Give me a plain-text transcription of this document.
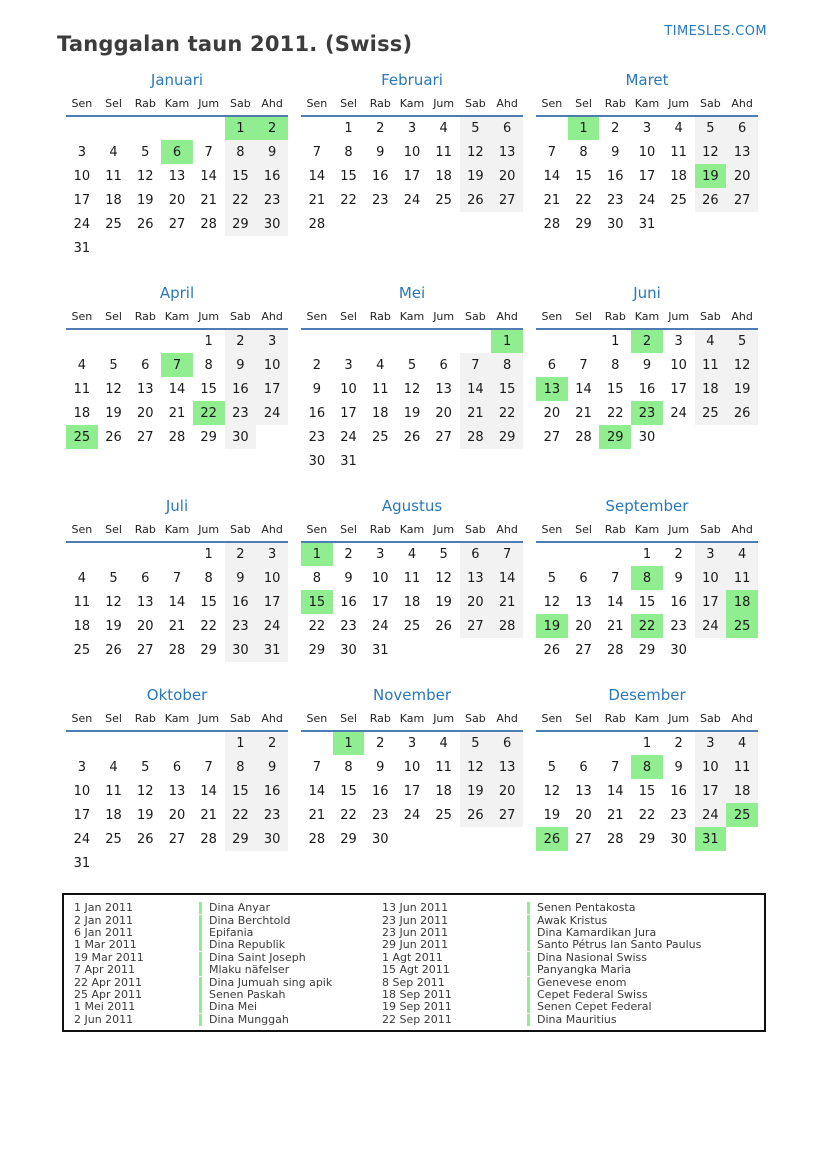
Tanggalan taun 2011. (Swiss)
TIMESLES.COM
Januari
Sen	Sel	Rab	Kam	Jum	Sab	Ahd
					1	2
3	4	5	6	7	8	9
10	11	12	13	14	15	16
17	18	19	20	21	22	23
24	25	26	27	28	29	30
31						
Februari
Sen	Sel	Rab	Kam	Jum	Sab	Ahd
	1	2	3	4	5	6
7	8	9	10	11	12	13
14	15	16	17	18	19	20
21	22	23	24	25	26	27
28						
Maret
Sen	Sel	Rab	Kam	Jum	Sab	Ahd
	1	2	3	4	5	6
7	8	9	10	11	12	13
14	15	16	17	18	19	20
21	22	23	24	25	26	27
28	29	30	31			
April
Sen	Sel	Rab	Kam	Jum	Sab	Ahd
				1	2	3
4	5	6	7	8	9	10
11	12	13	14	15	16	17
18	19	20	21	22	23	24
25	26	27	28	29	30	
Mei
Sen	Sel	Rab	Kam	Jum	Sab	Ahd
						1
2	3	4	5	6	7	8
9	10	11	12	13	14	15
16	17	18	19	20	21	22
23	24	25	26	27	28	29
30	31					
Juni
Sen	Sel	Rab	Kam	Jum	Sab	Ahd
		1	2	3	4	5
6	7	8	9	10	11	12
13	14	15	16	17	18	19
20	21	22	23	24	25	26
27	28	29	30			
Juli
Sen	Sel	Rab	Kam	Jum	Sab	Ahd
				1	2	3
4	5	6	7	8	9	10
11	12	13	14	15	16	17
18	19	20	21	22	23	24
25	26	27	28	29	30	31
Agustus
Sen	Sel	Rab	Kam	Jum	Sab	Ahd
1	2	3	4	5	6	7
8	9	10	11	12	13	14
15	16	17	18	19	20	21
22	23	24	25	26	27	28
29	30	31				
September
Sen	Sel	Rab	Kam	Jum	Sab	Ahd
			1	2	3	4
5	6	7	8	9	10	11
12	13	14	15	16	17	18
19	20	21	22	23	24	25
26	27	28	29	30		
Oktober
Sen	Sel	Rab	Kam	Jum	Sab	Ahd
					1	2
3	4	5	6	7	8	9
10	11	12	13	14	15	16
17	18	19	20	21	22	23
24	25	26	27	28	29	30
31						
November
Sen	Sel	Rab	Kam	Jum	Sab	Ahd
	1	2	3	4	5	6
7	8	9	10	11	12	13
14	15	16	17	18	19	20
21	22	23	24	25	26	27
28	29	30				
Desember
Sen	Sel	Rab	Kam	Jum	Sab	Ahd
			1	2	3	4
5	6	7	8	9	10	11
12	13	14	15	16	17	18
19	20	21	22	23	24	25
26	27	28	29	30	31	
1 Jan 2011	Dina Anyar	13 Jun 2011	Senen Pentakosta
2 Jan 2011	Dina Berchtold	23 Jun 2011	Awak Kristus
6 Jan 2011	Epifania	23 Jun 2011	Dina Kamardikan Jura
1 Mar 2011	Dina Republik	29 Jun 2011	Santo Pétrus lan Santo Paulus
19 Mar 2011	Dina Saint Joseph	1 Agt 2011	Dina Nasional Swiss
7 Apr 2011	Mlaku näfelser	15 Agt 2011	Panyangka Maria
22 Apr 2011	Dina Jumuah sing apik	8 Sep 2011	Genevese enom
25 Apr 2011	Senen Paskah	18 Sep 2011	Cepet Federal Swiss
1 Mei 2011	Dina Mei	19 Sep 2011	Senen Cepet Federal
2 Jun 2011	Dina Munggah	22 Sep 2011	Dina Mauritius
